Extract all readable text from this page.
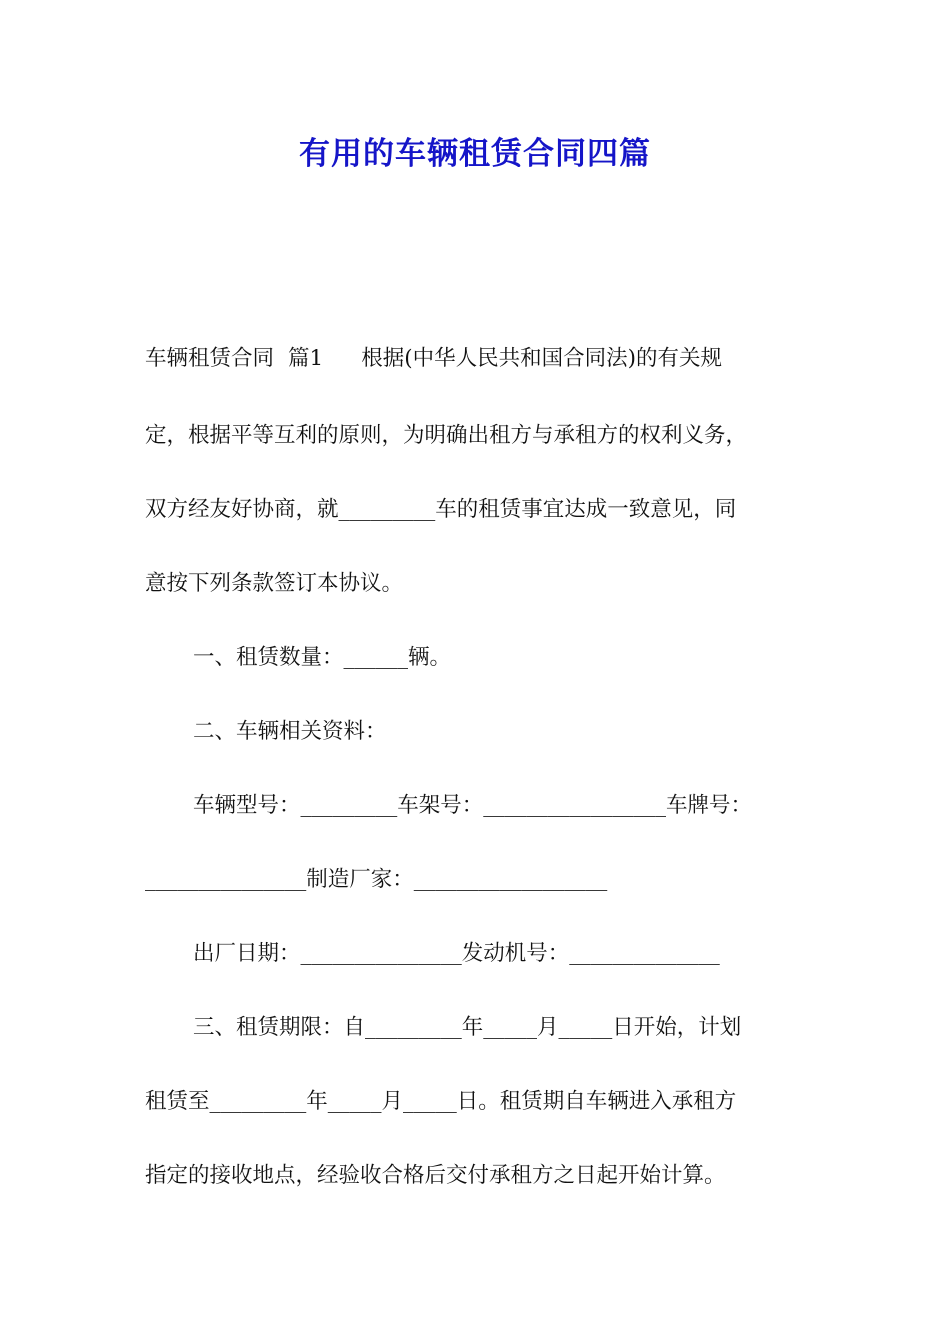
有用的车辆租赁合同四篇
车辆租赁合同 篇1 根据(中华人民共和国合同法)的有关规
定，根据平等互利的原则，为明确出租方与承租方的权利义务，
双方经友好协商，就_________车的租赁事宜达成一致意见，同
意按下列条款签订本协议。
一、租赁数量：______辆。
二、车辆相关资料：
车辆型号：_________车架号：_________________车牌号：
_______________制造厂家：__________________
出厂日期：_______________发动机号：______________
三、租赁期限：自_________年_____月_____日开始，计划
租赁至_________年_____月_____日。租赁期自车辆进入承租方
指定的接收地点，经验收合格后交付承租方之日起开始计算。
